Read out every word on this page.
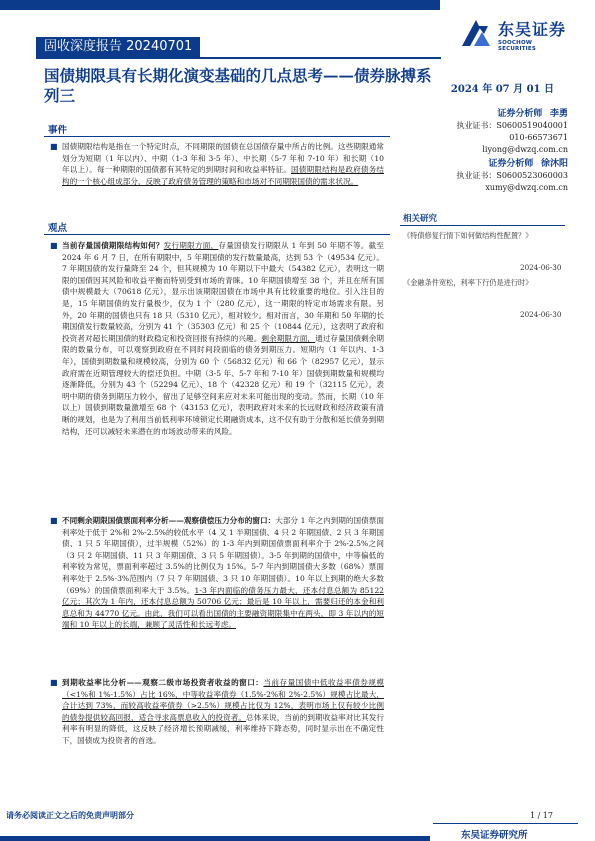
固收深度报告 20240701
东吴证券
SOOCHOW SECURITIES
国债期限具有长期化演变基础的几点思考——债券脉搏系列三	2024 年 07 月 01 日
事件
■ 国债期限结构是指在一个特定时点，不同期限的国债在总国债存量中所占的比例。这些期限通常划分为短期（1 年以内）、中期（1-3 年和 3-5 年）、中长期（5-7 年和 7-10 年）和长期（10 年以上）。每一种期限的国债都有其特定的到期时间和收益率特征。国债期限结构是政府债务结构的一个核心组成部分，反映了政府债务管理的策略和市场对不同期限国债的需求状况。
观点
■ 当前存量国债期限结构如何？发行期限方面，存量国债发行期限从 1 年到 50 年期不等。截至 2024 年 6 月 7 日，在所有期限中，5 年期国债的发行数量最高，达到 53 个（49534 亿元）。7 年期国债的发行量降至 24 个，但其规模为 10 年期以下中最大（54382 亿元），表明这一期限的国债因其风险和收益平衡而特别受到市场的青睐。10 年期国债增至 38 个，并且在所有国债中规模最大（70618 亿元），显示出该期限国债在市场中具有比较重要的地位。引入注目的是，15 年期国债的发行量极少，仅为 1 个（280 亿元），这一期限的特定市场需求有限。另外，20 年期的国债也只有 18 只（5310 亿元），相对较少。相对而言，30 年期和 50 年期的长期国债发行数量较高，分别为 41 个（35303 亿元）和 25 个（10844 亿元），这表明了政府和投资者对超长期国债的财政稳定和投资回报有持续的兴趣。剩余期限方面，通过存量国债剩余期限的数量分布，可以观察到政府在不同时间段面临的债务到期压力。短期内（1 年以内、1-3 年），国债到期数量和规模较高，分别为 60 个（56832 亿元）和 66 个（82957 亿元），显示政府需在近期管理较大的偿还负担。中期（3-5 年、5-7 年和 7-10 年）国债到期数量和规模均逐渐降低，分别为 43 个（52294 亿元）、18 个（42328 亿元）和 19 个（32115 亿元），表明中期的债务到期压力较小，留出了足够空间来应对未来可能出现的变动。然而，长期（10 年以上）国债到期数量激增至 68 个（43153 亿元），表明政府对未来的长远财政和经济政策有清晰的规划，也是为了利用当前低利率环境锁定长期融资成本，这不仅有助于分散和延长债务到期结构，还可以减轻未来潜在的市场波动带来的风险。
■ 不同剩余期限国债票面利率分析——观察债偿压力分布的窗口：大部分 1 年之内到期的国债票面利率处于低于 2%和 2%-2.5%的较低水平（4 又 1 半期国债、4 只 2 年期国债、2 只 3 年期国债、1 只 5 年期国债），过半规模（52%）的 1-3 年内到期国债票面利率介于 2%-2.5%之间（3 只 2 年期国债、11 只 3 年期国债、3 只 5 年期国债）。3-5 年到期的国债中，中等偏低的利率较为常见，票面利率超过 3.5%的比例仅为 15%。5-7 年内到期国债大多数（68%）票面利率处于 2.5%-3%范围内（7 只 7 年期国债、3 只 10 年期国债）。10 年以上到期的绝大多数（69%）的国债票面利率大于 3.5%。1-3 年内面临的债务压力最大，还本付息总额为 85122 亿元；其次为 1 年内，还本付息总额为 50706 亿元；最后是 10 年以上，需要归还的本金和利息总和为 44770 亿元。由此，我们可以看出国债的主要融资期限集中在两头，即 3 年以内的短端和 10 年以上的长端，兼顾了灵活性和长远考虑。
■ 到期收益率比分析——观察二级市场投资者收益的窗口：当前存量国债中低收益率债券规模（<1%和 1%-1.5%）占比 16%，中等收益率债券（1.5%-2%和 2%-2.5%）规模占比最大，合计达到 73%，而较高收益率债券（>2.5%）规模占比仅为 12%，表明市场上仅有较少比例的债券提供较高回报，适合寻求高票息收入的投资者。总体来说，当前的到期收益率对比其发行利率有明显的降低，这反映了经济增长预期减缓，利率维持下降态势，同时显示出在不确定性下，国债成为投资者的首选。
证券分析师 李勇
执业证书：S0600519040001
010-66573671
liyong@dwzq.com.cn
证券分析师 徐沐阳
执业证书：S0600523060003
xumy@dwzq.com.cn
相关研究
《特债修复行情下如何做结构性配置？》
2024-06-30
《金融条件宽松，利率下行仍是进行时》
2024-06-30
1 / 17
东吴证券研究所
请务必阅读正文之后的免责声明部分
